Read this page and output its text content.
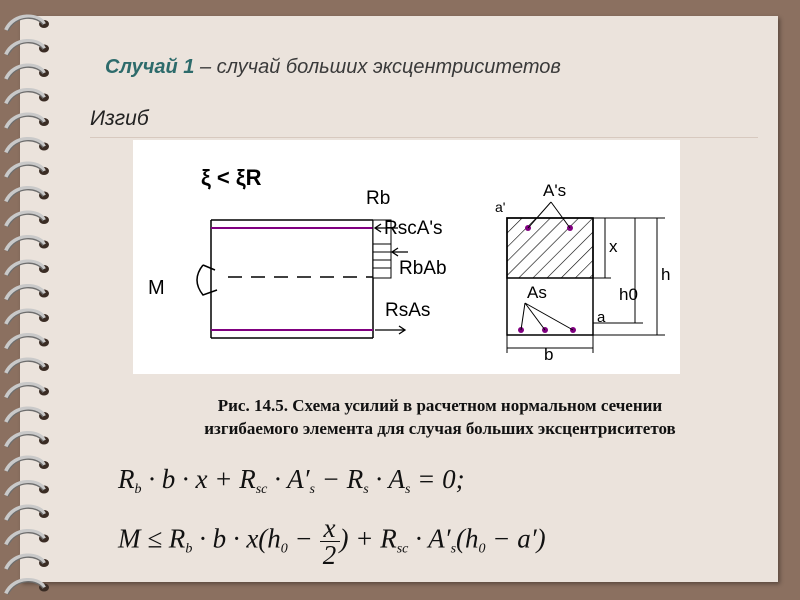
Случай 1 – случай больших эксцентриситетов
Изгиб
ξ < ξR
M
Rb
RscA's
RbAb
RsAs
a'
A's
As
x
h
h0
a
b
Рис. 14.5. Схема усилий в расчетном нормальном сечении
изгибаемого элемента для случая больших эксцентриситетов
$R_b \cdot b \cdot x + R_{sc} \cdot A'_s - R_s \cdot A_s = 0$;
$M \le R_b \cdot b \cdot x(h_0 - \frac{x}{2}$ ) + $R_{sc} \cdot A'_s(h_0 - a')$
